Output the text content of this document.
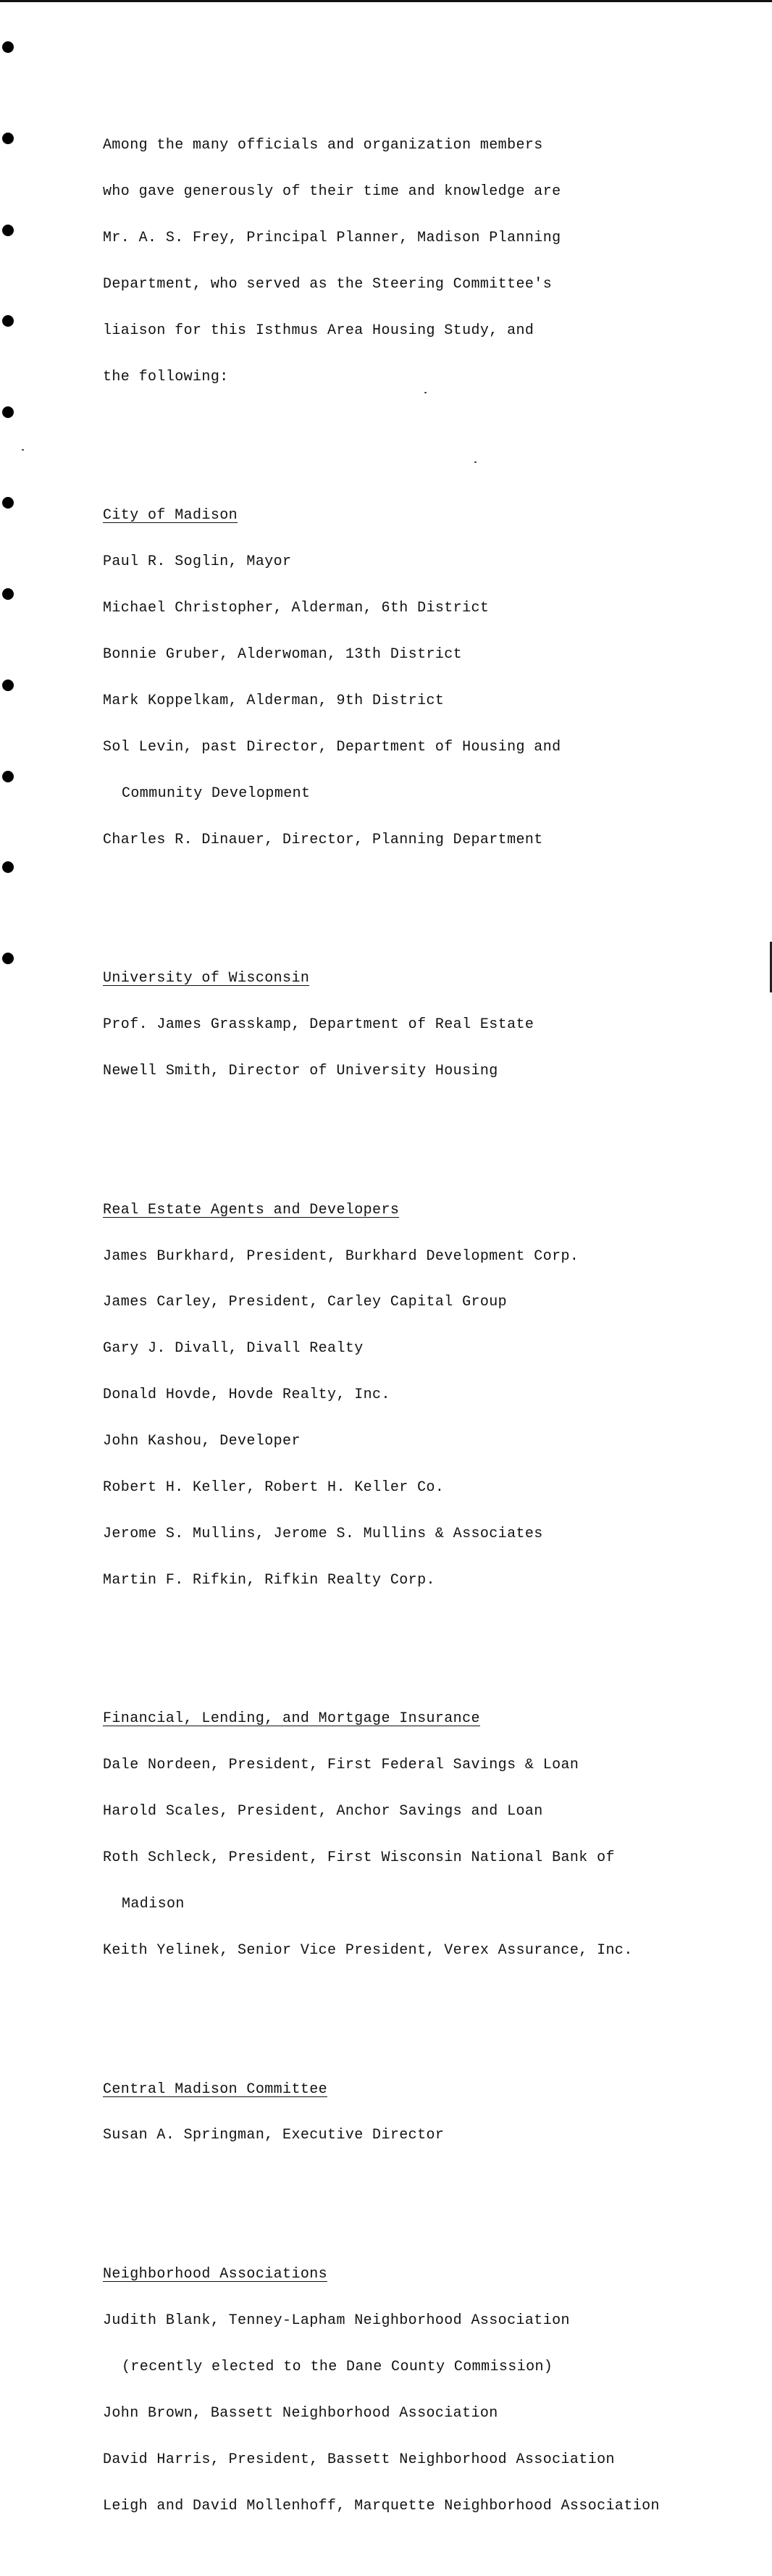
Among the many officials and organization members

who gave generously of their time and knowledge are

Mr. A. S. Frey, Principal Planner, Madison Planning

Department, who served as the Steering Committee's

liaison for this Isthmus Area Housing Study, and

the following:

City of Madison

Paul R. Soglin, Mayor

Michael Christopher, Alderman, 6th District

Bonnie Gruber, Alderwoman, 13th District

Mark Koppelkam, Alderman, 9th District

Sol Levin, past Director, Department of Housing and

Community Development

Charles R. Dinauer, Director, Planning Department

University of Wisconsin

Prof. James Grasskamp, Department of Real Estate

Newell Smith, Director of University Housing

Real Estate Agents and Developers

James Burkhard, President, Burkhard Development Corp.

James Carley, President, Carley Capital Group

Gary J. Divall, Divall Realty

Donald Hovde, Hovde Realty, Inc.

John Kashou, Developer

Robert H. Keller, Robert H. Keller Co.

Jerome S. Mullins, Jerome S. Mullins & Associates

Martin F. Rifkin, Rifkin Realty Corp.

Financial, Lending, and Mortgage Insurance

Dale Nordeen, President, First Federal Savings & Loan

Harold Scales, President, Anchor Savings and Loan

Roth Schleck, President, First Wisconsin National Bank of

Madison

Keith Yelinek, Senior Vice President, Verex Assurance, Inc.

Central Madison Committee

Susan A. Springman, Executive Director

Neighborhood Associations

Judith Blank, Tenney-Lapham Neighborhood Association

(recently elected to the Dane County Commission)

John Brown, Bassett Neighborhood Association

David Harris, President, Bassett Neighborhood Association

Leigh and David Mollenhoff, Marquette Neighborhood Association
